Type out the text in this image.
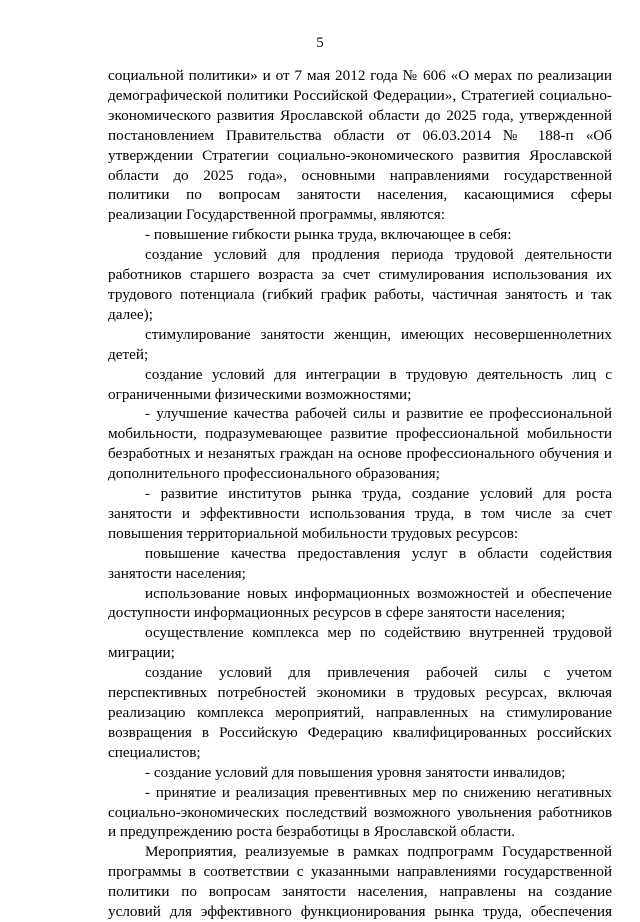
5

социальной политики» и от 7 мая 2012 года № 606 «О мерах по реализации демографической политики Российской Федерации», Стратегией социально-экономического развития Ярославской области до 2025 года, утвержденной постановлением Правительства области от 06.03.2014 № 188-п «Об утверждении Стратегии социально-экономического развития Ярославской области до 2025 года», основными направлениями государственной политики по вопросам занятости населения, касающимися сферы реализации Государственной программы, являются:

- повышение гибкости рынка труда, включающее в себя:

создание условий для продления периода трудовой деятельности работников старшего возраста за счет стимулирования использования их трудового потенциала (гибкий график работы, частичная занятость и так далее);

стимулирование занятости женщин, имеющих несовершеннолетних детей;

создание условий для интеграции в трудовую деятельность лиц с ограниченными физическими возможностями;

- улучшение качества рабочей силы и развитие ее профессиональной мобильности, подразумевающее развитие профессиональной мобильности безработных и незанятых граждан на основе профессионального обучения и дополнительного профессионального образования;

- развитие институтов рынка труда, создание условий для роста занятости и эффективности использования труда, в том числе за счет повышения территориальной мобильности трудовых ресурсов:

повышение качества предоставления услуг в области содействия занятости населения;

использование новых информационных возможностей и обеспечение доступности информационных ресурсов в сфере занятости населения;

осуществление комплекса мер по содействию внутренней трудовой миграции;

создание условий для привлечения рабочей силы с учетом перспективных потребностей экономики в трудовых ресурсах, включая реализацию комплекса мероприятий, направленных на стимулирование возвращения в Российскую Федерацию квалифицированных российских специалистов;

- создание условий для повышения уровня занятости инвалидов;

- принятие и реализация превентивных мер по снижению негативных социально-экономических последствий возможного увольнения работников и предупреждению роста безработицы в Ярославской области.

Мероприятия, реализуемые в рамках подпрограмм Государственной программы в соответствии с указанными направлениями государственной политики по вопросам занятости населения, направлены на создание условий для эффективного функционирования рынка труда, обеспечения
